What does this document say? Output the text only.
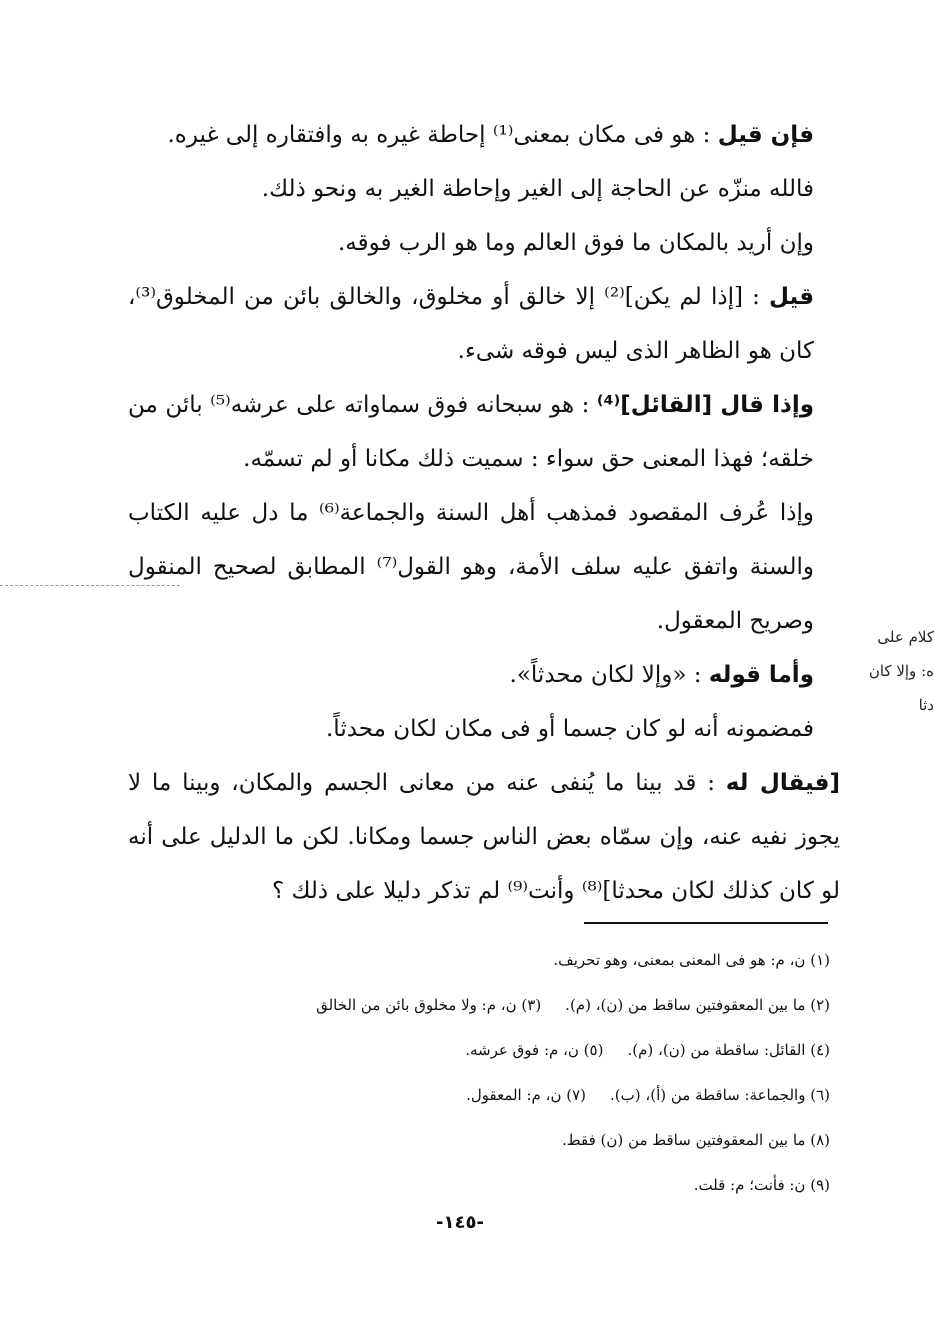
فإن قيل : هو فى مكان بمعنى⁽¹⁾ إحاطة غيره به وافتقاره إلى غيره.

فالله منزّه عن الحاجة إلى الغير وإحاطة الغير به ونحو ذلك.

وإن أريد بالمكان ما فوق العالم وما هو الرب فوقه.

قيل : [إذا لم يكن]⁽²⁾ إلا خالق أو مخلوق، والخالق بائن من المخلوق⁽³⁾، كان هو الظاهر الذى ليس فوقه شىء.

وإذا قال [القائل]⁽⁴⁾ : هو سبحانه فوق سماواته على عرشه⁽⁵⁾ بائن من خلقه؛ فهذا المعنى حق سواء : سميت ذلك مكانا أو لم تسمّه.

وإذا عُرف المقصود فمذهب أهل السنة والجماعة⁽⁶⁾ ما دل عليه الكتاب والسنة واتفق عليه سلف الأمة، وهو القول⁽⁷⁾ المطابق لصحيح المنقول وصريح المعقول.

وأما قوله : «وإلا لكان محدثاً».

فمضمونه أنه لو كان جسما أو فى مكان لكان محدثاً.

[فيقال له : قد بينا ما يُنفى عنه من معانى الجسم والمكان، وبينا ما لا يجوز نفيه عنه، وإن سمّاه بعض الناس جسما ومكانا. لكن ما الدليل على أنه لو كان كذلك لكان محدثا]⁽⁸⁾ وأنت⁽⁹⁾ لم تذكر دليلا على ذلك ؟

كلام على
ه: وإلا كان
دثا
(١) ن، م: هو فى المعنى بمعنى، وهو تحريف.
(٢) ما بين المعقوفتين ساقط من (ن)، (م).
(٣) ن، م: ولا مخلوق بائن من الخالق
(٤) القائل: ساقطة من (ن)، (م).
(٥) ن، م: فوق عرشه.
(٦) والجماعة: ساقطة من (أ)، (ب).
(٧) ن، م: المعقول.
(٨) ما بين المعقوفتين ساقط من (ن) فقط.
(٩) ن: فأنت؛ م: قلت.
-١٤٥-
